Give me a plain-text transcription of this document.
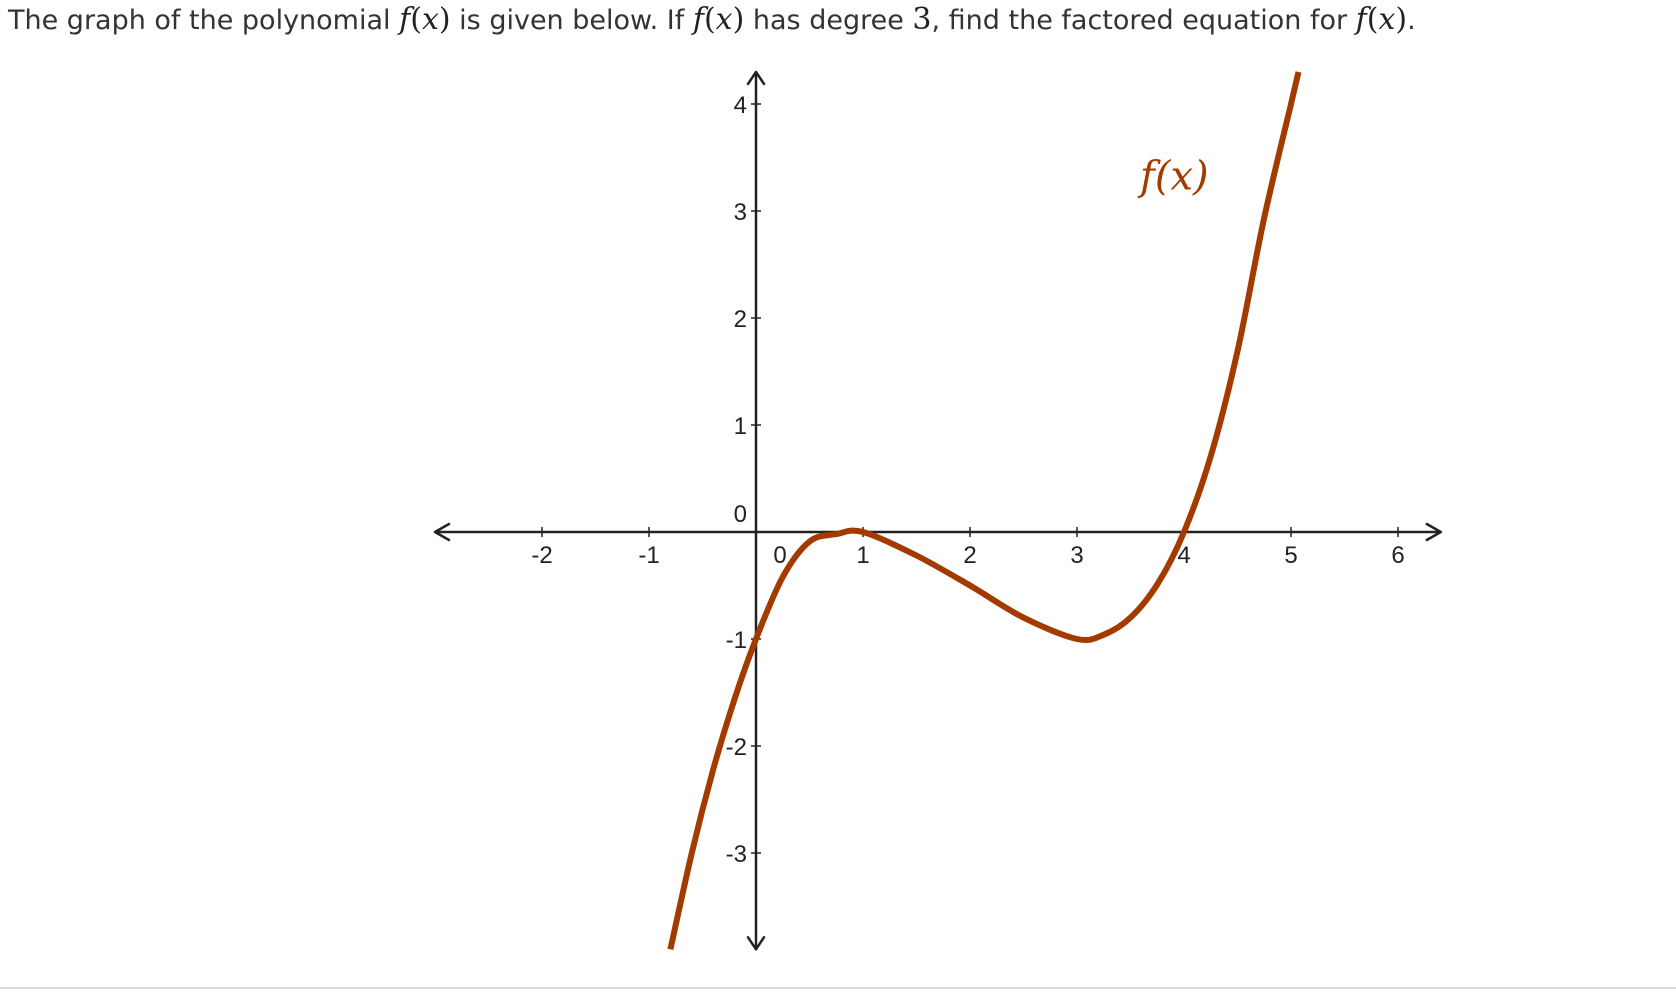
The graph of the polynomial f(x) is given below. If f(x) has degree 3, find the factored equation for f(x).
-2	-1	0	1	2	3	4	5	6
-3
-2
-1
0
1
2
3
4
f(x)
